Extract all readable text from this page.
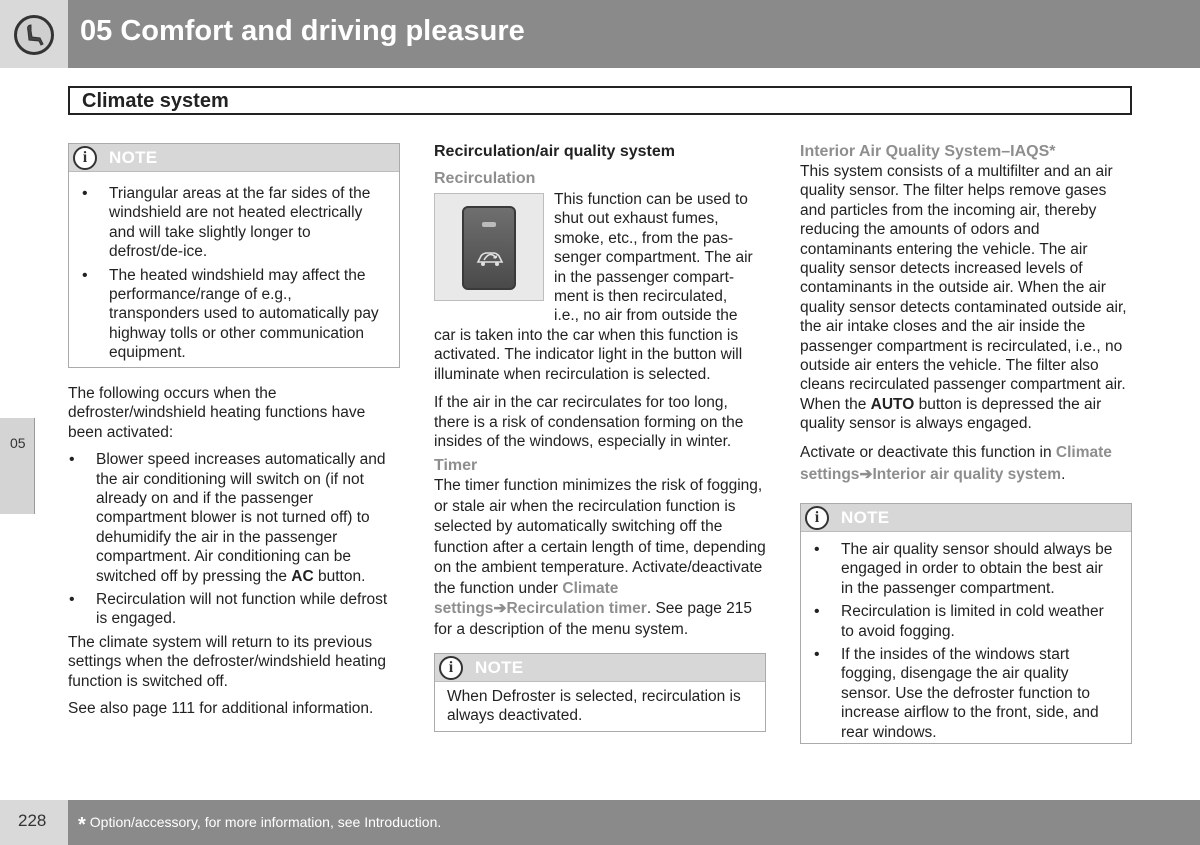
05 Comfort and driving pleasure
Climate system
05
i	NOTE
• Triangular areas at the far sides of the windshield are not heated electrically and will take slightly longer to defrost/de-ice.
• The heated windshield may affect the performance/range of e.g., transponders used to automatically pay highway tolls or other communication equipment.

The following occurs when the defroster/windshield heating functions have been activated:

• Blower speed increases automatically and the air conditioning will switch on (if not already on and if the passenger compartment blower is not turned off) to dehumidify the air in the passenger compartment. Air conditioning can be switched off by pressing the AC button.
• Recirculation will not function while defrost is engaged.

The climate system will return to its previous settings when the defroster/windshield heating function is switched off.

See also page 111 for additional information.

Recirculation/air quality system
Recirculation
This function can be used to
shut out exhaust fumes,
smoke, etc., from the pas-
senger compartment. The air
in the passenger compart-
ment is then recirculated,
i.e., no air from outside the

car is taken into the car when this function is activated. The indicator light in the button will illuminate when recirculation is selected.

If the air in the car recirculates for too long, there is a risk of condensation forming on the insides of the windows, especially in winter.

Timer

The timer function minimizes the risk of fogging, or stale air when the recirculation function is selected by automatically switching off the function after a certain length of time, depending on the ambient temperature. Activate/deactivate the function under Climate settings➔Recirculation timer. See page 215 for a description of the menu system.

i	NOTE

When Defroster is selected, recirculation is always deactivated.

Interior Air Quality System–IAQS*

This system consists of a multifilter and an air quality sensor. The filter helps remove gases and particles from the incoming air, thereby reducing the amounts of odors and contaminants entering the vehicle. The air quality sensor detects increased levels of contaminants in the outside air. When the air quality sensor detects contaminated outside air, the air intake closes and the air inside the passenger compartment is recirculated, i.e., no outside air enters the vehicle. The filter also cleans recirculated passenger compartment air. When the AUTO button is depressed the air quality sensor is always engaged.

Activate or deactivate this function in Climate settings➔Interior air quality system.

i	NOTE
• The air quality sensor should always be engaged in order to obtain the best air in the passenger compartment.
• Recirculation is limited in cold weather to avoid fogging.
• If the insides of the windows start fogging, disengage the air quality sensor. Use the defroster function to increase airflow to the front, side, and rear windows.
228 * Option/accessory, for more information, see Introduction.
